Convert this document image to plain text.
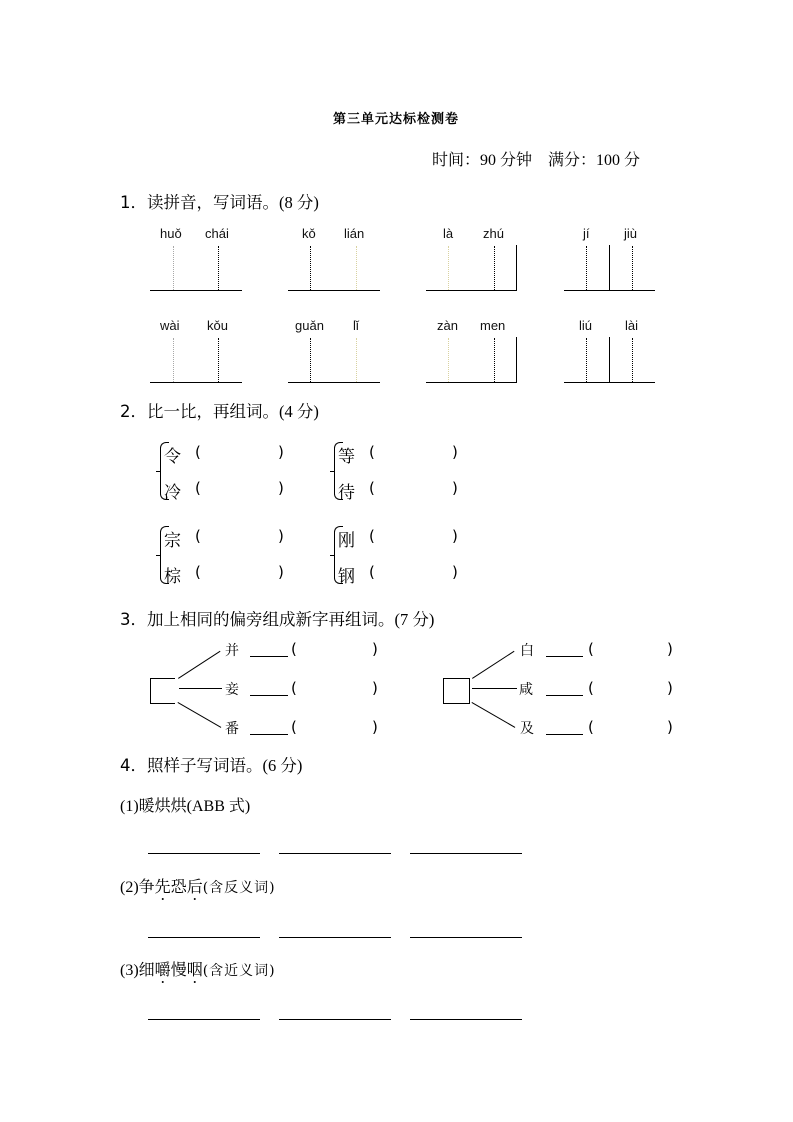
第三单元达标检测卷
时间：90 分钟    满分：100 分
1．读拼音，写词语。(8 分)
huǒ chái	kǒ lián	là zhú	jí	jiù
wài kǒu	guǎn lǐ	zàn men	liú	lài
2．比一比，再组词。(4 分)
令 (	)
冷 (	)
等 (	)
待 (	)
宗 (	)
棕 (	)
刚 (	)
钢 (	)
3．加上相同的偏旁组成新字再组词。(7 分)
并
妾
番
(	)
(	)
(	)
白
咸
及
(	)
(	)
(	)
4．照样子写词语。(6 分)
(1)暖烘烘(ABB 式)
(2)争先恐后(含反义词)
(3)细嚼慢咽(含近义词)
